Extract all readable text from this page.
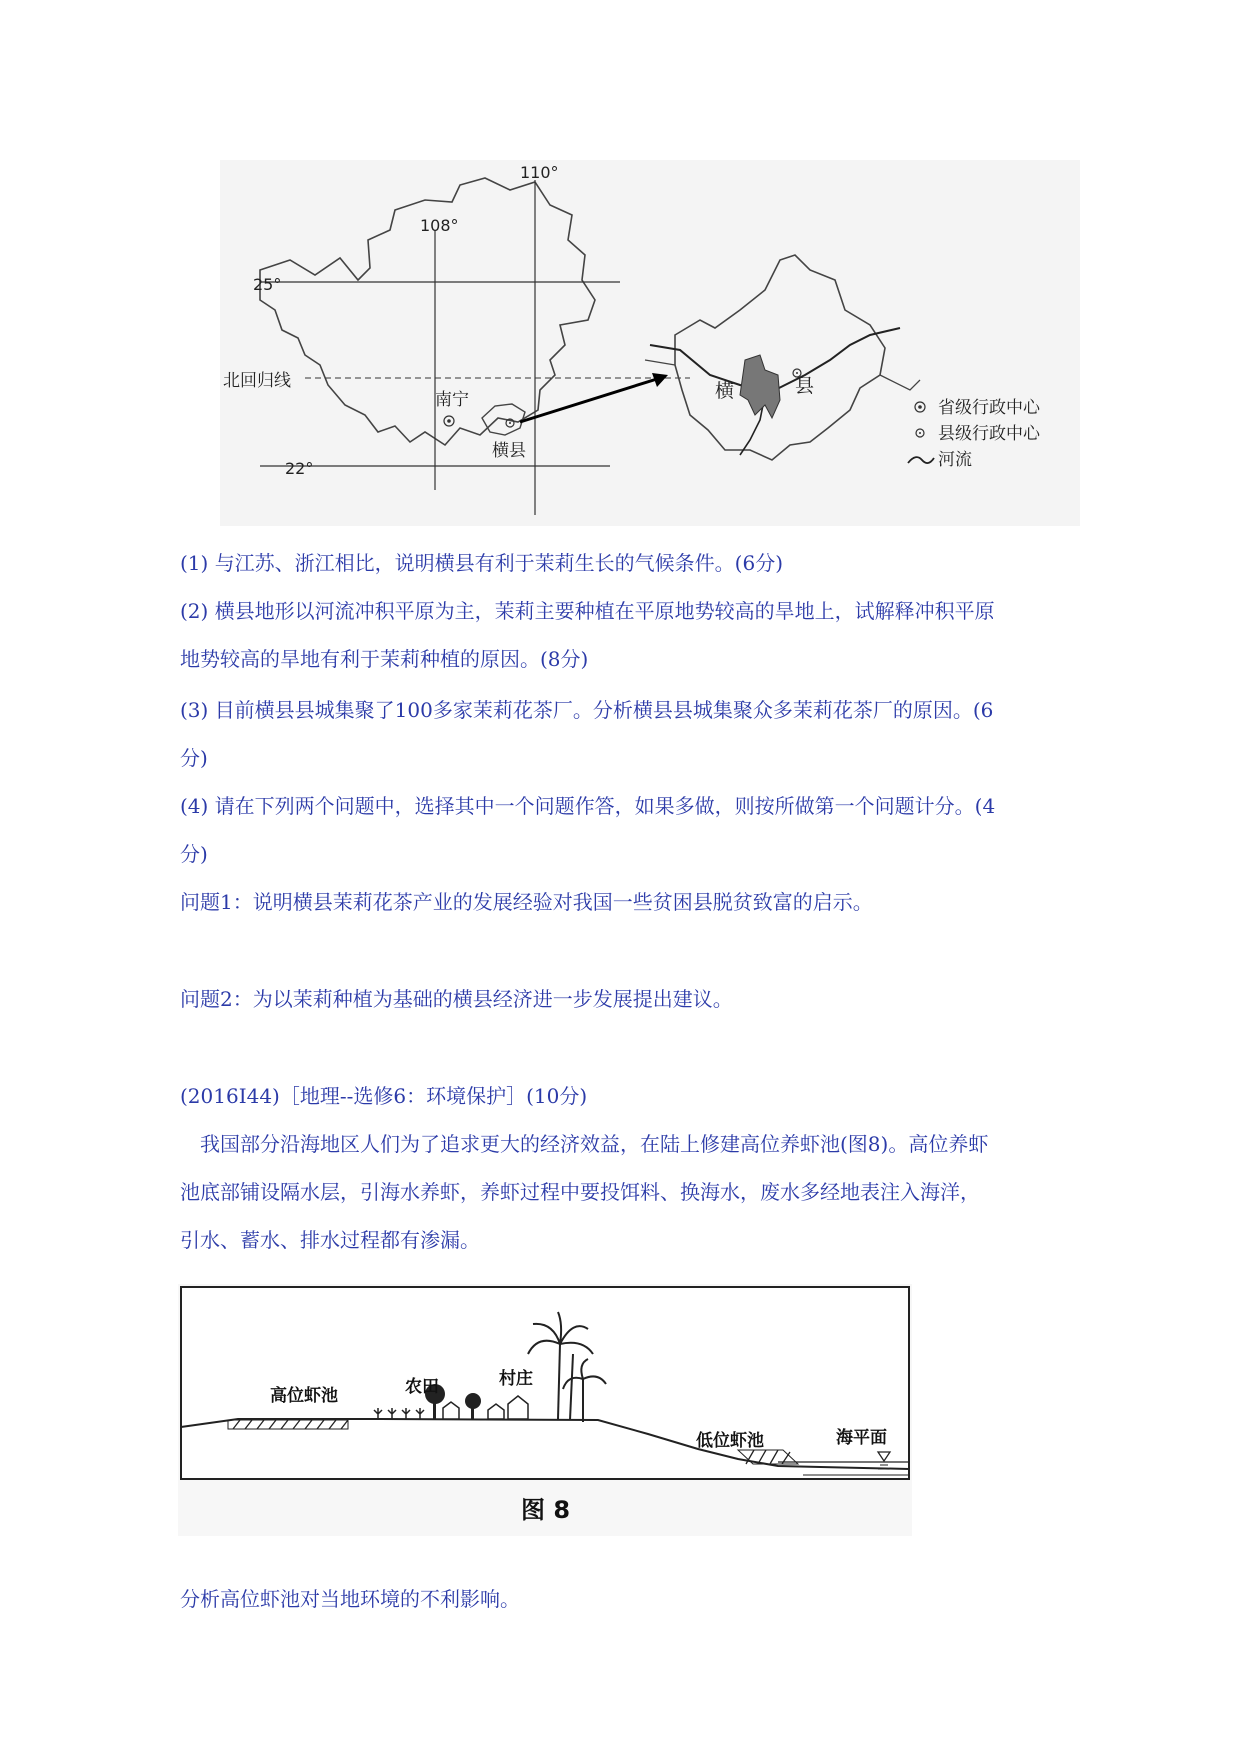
110°
108°
25°
22°
北回归线
南宁
横县
横	县
省级行政中心
县级行政中心
河流
(1) 与江苏、浙江相比，说明横县有利于茉莉生长的气候条件。(6分)
(2) 横县地形以河流冲积平原为主，茉莉主要种植在平原地势较高的旱地上，试解释冲积平原
地势较高的旱地有利于茉莉种植的原因。(8分)
(3) 目前横县县城集聚了100多家茉莉花茶厂。分析横县县城集聚众多茉莉花茶厂的原因。(6
分)
(4) 请在下列两个问题中，选择其中一个问题作答，如果多做，则按所做第一个问题计分。(4
分)
问题1：说明横县茉莉花茶产业的发展经验对我国一些贫困县脱贫致富的启示。
问题2：为以茉莉种植为基础的横县经济进一步发展提出建议。
(2016Ⅰ44)［地理--选修6：环境保护］(10分)
　我国部分沿海地区人们为了追求更大的经济效益，在陆上修建高位养虾池(图8)。高位养虾
池底部铺设隔水层，引海水养虾，养虾过程中要投饵料、换海水，废水多经地表注入海洋，
引水、蓄水、排水过程都有渗漏。
高位虾池	农田	村庄
低位虾池	海平面
图 8
分析高位虾池对当地环境的不利影响。
